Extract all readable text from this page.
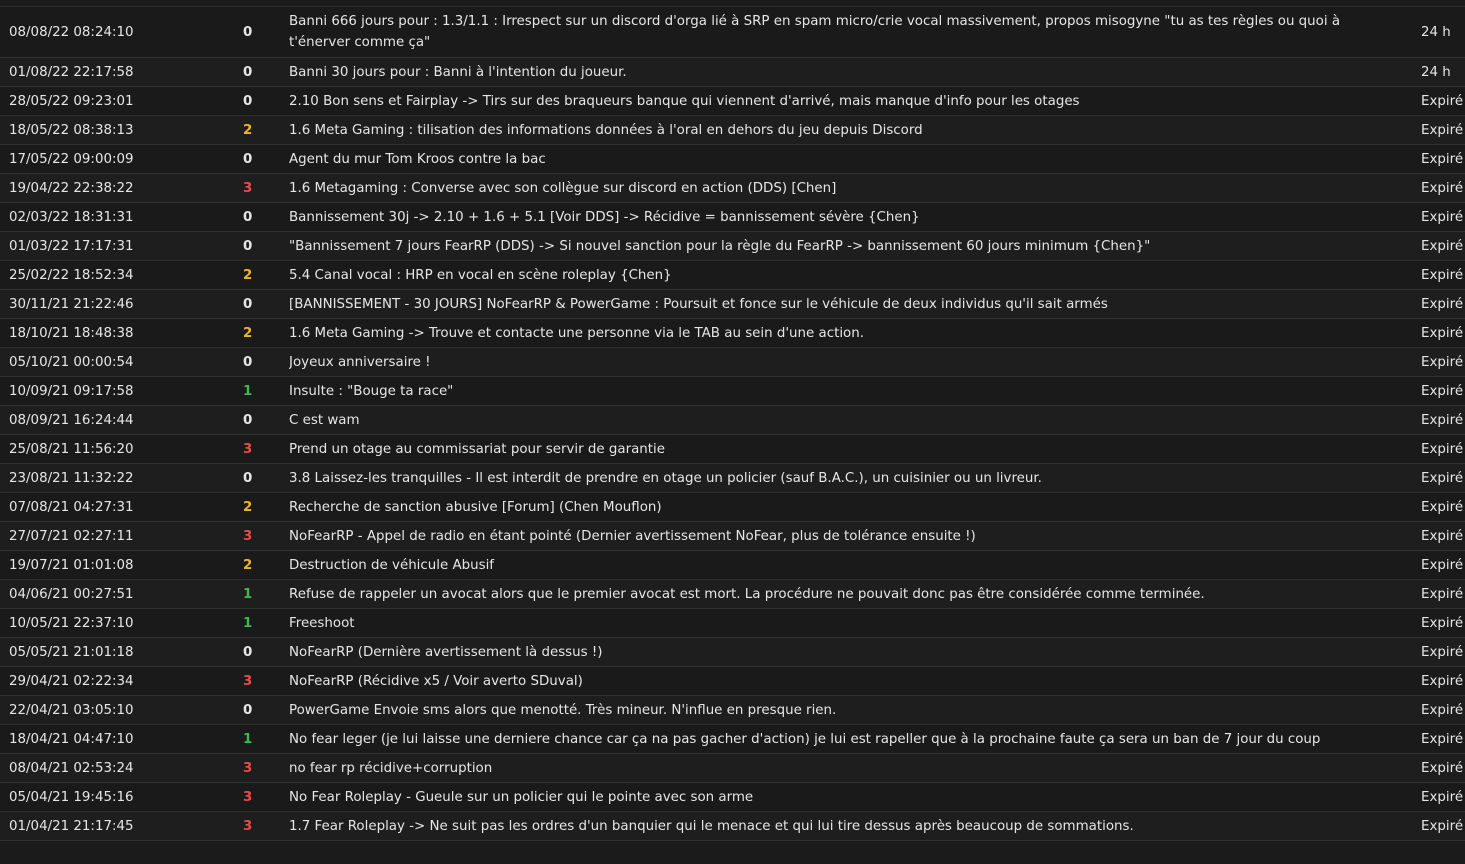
08/08/22 08:24:10	0	Banni 666 jours pour : 1.3/1.1 : Irrespect sur un discord d'orga lié à SRP en spam micro/crie vocal massivement, propos misogyne "tu as tes règles ou quoi à t'énerver comme ça"	24 h
01/08/22 22:17:58	0	Banni 30 jours pour : Banni à l'intention du joueur.	24 h
28/05/22 09:23:01	0	2.10 Bon sens et Fairplay -> Tirs sur des braqueurs banque qui viennent d'arrivé, mais manque d'info pour les otages	Expiré
18/05/22 08:38:13	2	1.6 Meta Gaming : tilisation des informations données à l'oral en dehors du jeu depuis Discord	Expiré
17/05/22 09:00:09	0	Agent du mur Tom Kroos contre la bac	Expiré
19/04/22 22:38:22	3	1.6 Metagaming : Converse avec son collègue sur discord en action (DDS) [Chen]	Expiré
02/03/22 18:31:31	0	Bannissement 30j -> 2.10 + 1.6 + 5.1 [Voir DDS] -> Récidive = bannissement sévère {Chen}	Expiré
01/03/22 17:17:31	0	"Bannissement 7 jours FearRP (DDS) -> Si nouvel sanction pour la règle du FearRP -> bannissement 60 jours minimum {Chen}"	Expiré
25/02/22 18:52:34	2	5.4 Canal vocal : HRP en vocal en scène roleplay {Chen}	Expiré
30/11/21 21:22:46	0	[BANNISSEMENT - 30 JOURS] NoFearRP & PowerGame : Poursuit et fonce sur le véhicule de deux individus qu'il sait armés	Expiré
18/10/21 18:48:38	2	1.6 Meta Gaming -> Trouve et contacte une personne via le TAB au sein d'une action.	Expiré
05/10/21 00:00:54	0	Joyeux anniversaire !	Expiré
10/09/21 09:17:58	1	Insulte : "Bouge ta race"	Expiré
08/09/21 16:24:44	0	C est wam	Expiré
25/08/21 11:56:20	3	Prend un otage au commissariat pour servir de garantie	Expiré
23/08/21 11:32:22	0	3.8 Laissez-les tranquilles - Il est interdit de prendre en otage un policier (sauf B.A.C.), un cuisinier ou un livreur.	Expiré
07/08/21 04:27:31	2	Recherche de sanction abusive [Forum] (Chen Mouflon)	Expiré
27/07/21 02:27:11	3	NoFearRP - Appel de radio en étant pointé (Dernier avertissement NoFear, plus de tolérance ensuite !)	Expiré
19/07/21 01:01:08	2	Destruction de véhicule Abusif	Expiré
04/06/21 00:27:51	1	Refuse de rappeler un avocat alors que le premier avocat est mort. La procédure ne pouvait donc pas être considérée comme terminée.	Expiré
10/05/21 22:37:10	1	Freeshoot	Expiré
05/05/21 21:01:18	0	NoFearRP (Dernière avertissement là dessus !)	Expiré
29/04/21 02:22:34	3	NoFearRP (Récidive x5 / Voir averto SDuval)	Expiré
22/04/21 03:05:10	0	PowerGame Envoie sms alors que menotté. Très mineur. N'influe en presque rien.	Expiré
18/04/21 04:47:10	1	No fear leger (je lui laisse une derniere chance car ça na pas gacher d'action) je lui est rapeller que à la prochaine faute ça sera un ban de 7 jour du coup	Expiré
08/04/21 02:53:24	3	no fear rp récidive+corruption	Expiré
05/04/21 19:45:16	3	No Fear Roleplay - Gueule sur un policier qui le pointe avec son arme	Expiré
01/04/21 21:17:45	3	1.7 Fear Roleplay -> Ne suit pas les ordres d'un banquier qui le menace et qui lui tire dessus après beaucoup de sommations.	Expiré
